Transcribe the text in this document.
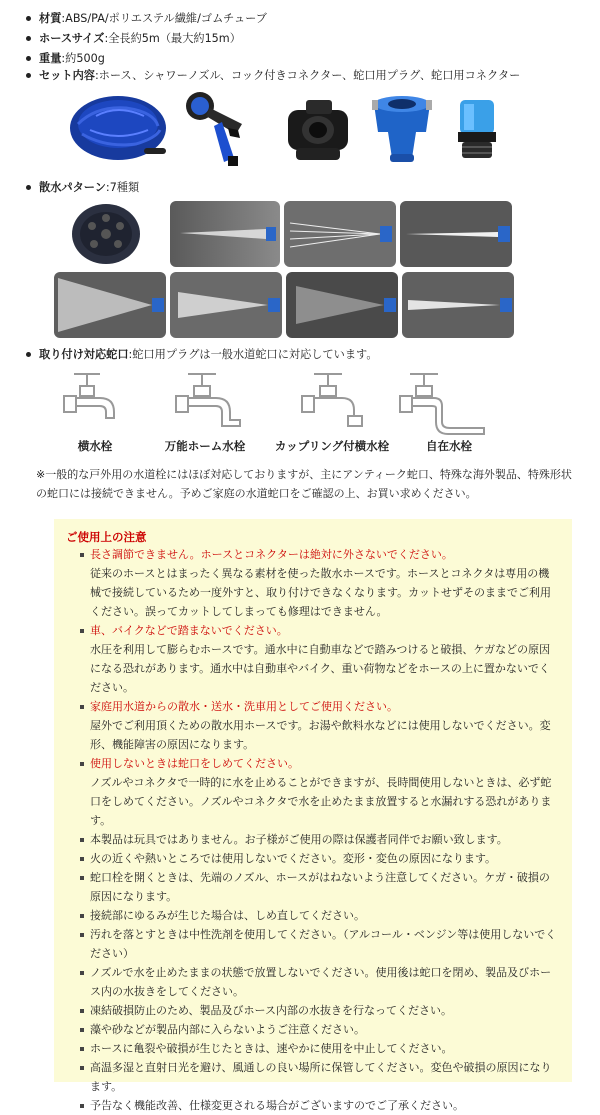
材質:ABS/PA/ポリエステル繊維/ゴムチューブ
ホースサイズ:全長約5m（最大約15m）
重量:約500g
セット内容:ホース、シャワーノズル、コック付きコネクター、蛇口用プラグ、蛇口用コネクター
散水パターン:7種類
取り付け対応蛇口:蛇口用プラグは一般水道蛇口に対応しています。
横水栓	万能ホーム水栓	カップリング付横水栓	自在水栓
※一般的な戸外用の水道栓にはほぼ対応しておりますが、主にアンティーク蛇口、特殊な海外製品、特殊形状の蛇口には接続できません。予めご家庭の水道蛇口をご確認の上、お買い求めください。
ご使用上の注意
長さ調節できません。ホースとコネクターは絶対に外さないでください。
従来のホースとはまったく異なる素材を使った散水ホースです。ホースとコネクタは専用の機械で接続しているため一度外すと、取り付けできなくなります。カットせずそのままでご利用ください。誤ってカットしてしまっても修理はできません。
車、バイクなどで踏まないでください。
水圧を利用して膨らむホースです。通水中に自動車などで踏みつけると破損、ケガなどの原因になる恐れがあります。通水中は自動車やバイク、重い荷物などをホースの上に置かないでください。
家庭用水道からの散水・送水・洗車用としてご使用ください。
屋外でご利用頂くための散水用ホースです。お湯や飲料水などには使用しないでください。変形、機能障害の原因になります。
使用しないときは蛇口をしめてください。
ノズルやコネクタで一時的に水を止めることができますが、長時間使用しないときは、必ず蛇口をしめてください。ノズルやコネクタで水を止めたまま放置すると水漏れする恐れがあります。
本製品は玩具ではありません。お子様がご使用の際は保護者同伴でお願い致します。
火の近くや熱いところでは使用しないでください。変形・変色の原因になります。
蛇口栓を開くときは、先端のノズル、ホースがはねないよう注意してください。ケガ・破損の原因になります。
接続部にゆるみが生じた場合は、しめ直してください。
汚れを落とすときは中性洗剤を使用してください。（アルコール・ベンジン等は使用しないでください）
ノズルで水を止めたままの状態で放置しないでください。使用後は蛇口を閉め、製品及びホース内の水抜きをしてください。
凍結破損防止のため、製品及びホース内部の水抜きを行なってください。
藻や砂などが製品内部に入らないようご注意ください。
ホースに亀裂や破損が生じたときは、速やかに使用を中止してください。
高温多湿と直射日光を避け、風通しの良い場所に保管してください。変色や破損の原因になります。
予告なく機能改善、仕様変更される場合がございますのでご了承ください。
